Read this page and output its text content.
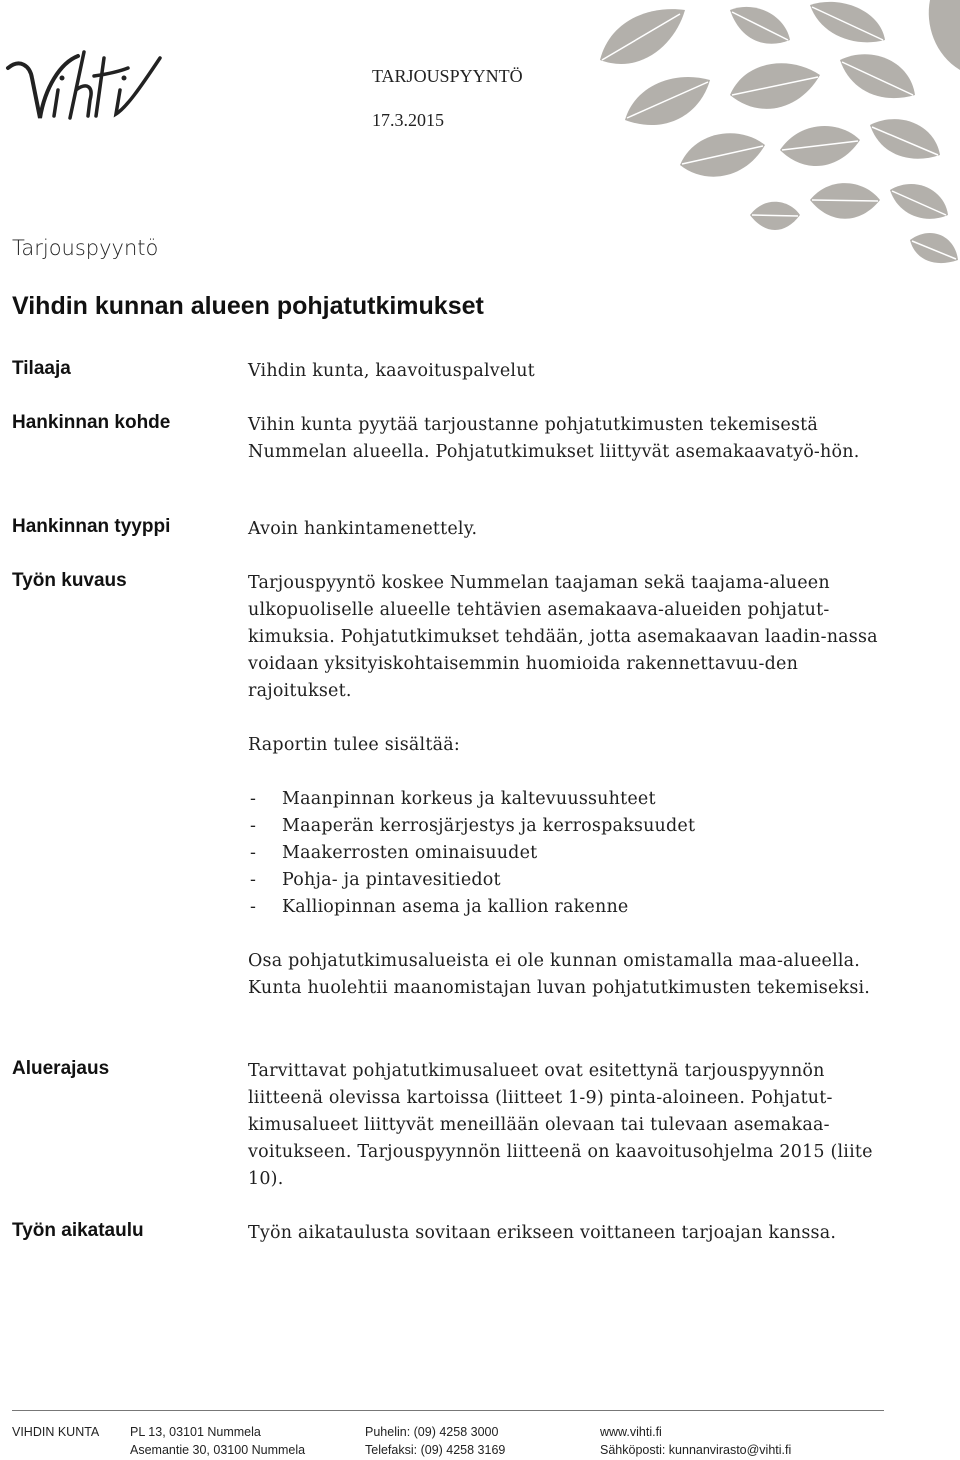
TARJOUSPYYNTÖ
17.3.2015
Tarjouspyyntö
Vihdin kunnan alueen pohjatutkimukset
Tilaaja	Vihdin kunta, kaavoituspalvelut

Hankinnan kohde	Vihin kunta pyytää tarjoustanne pohjatutkimusten tekemisestä Nummelan alueella. Pohjatutkimukset liittyvät asemakaavatyö-hön.

Hankinnan tyyppi	Avoin hankintamenettely.

Työn kuvaus	Tarjouspyyntö koskee Nummelan taajaman sekä taajama-alueen ulkopuoliselle alueelle tehtävien asemakaava-alueiden pohjatut-kimuksia. Pohjatutkimukset tehdään, jotta asemakaavan laadin-nassa voidaan yksityiskohtaisemmin huomioida rakennettavuu-den rajoitukset.

Raportin tulee sisältää:

- Maanpinnan korkeus ja kaltevuussuhteet
- Maaperän kerrosjärjestys ja kerrospaksuudet
- Maakerrosten ominaisuudet
- Pohja- ja pintavesitiedot
- Kalliopinnan asema ja kallion rakenne

Osa pohjatutkimusalueista ei ole kunnan omistamalla maa-alueella. Kunta huolehtii maanomistajan luvan pohjatutkimusten tekemiseksi.

Aluerajaus	Tarvittavat pohjatutkimusalueet ovat esitettynä tarjouspyynnön liitteenä olevissa kartoissa (liitteet 1-9) pinta-aloineen. Pohjatut-kimusalueet liittyvät meneillään olevaan tai tulevaan asemakaa-voitukseen. Tarjouspyynnön liitteenä on kaavoitusohjelma 2015 (liite 10).

Työn aikataulu	Työn aikataulusta sovitaan erikseen voittaneen tarjoajan kanssa.

VIHDIN KUNTA PL 13, 03101 Nummela
Asemantie 30, 03100 Nummela
Puhelin: (09) 4258 3000
Telefaksi: (09) 4258 3169
www.vihti.fi
Sähköposti: kunnanvirasto@vihti.fi
